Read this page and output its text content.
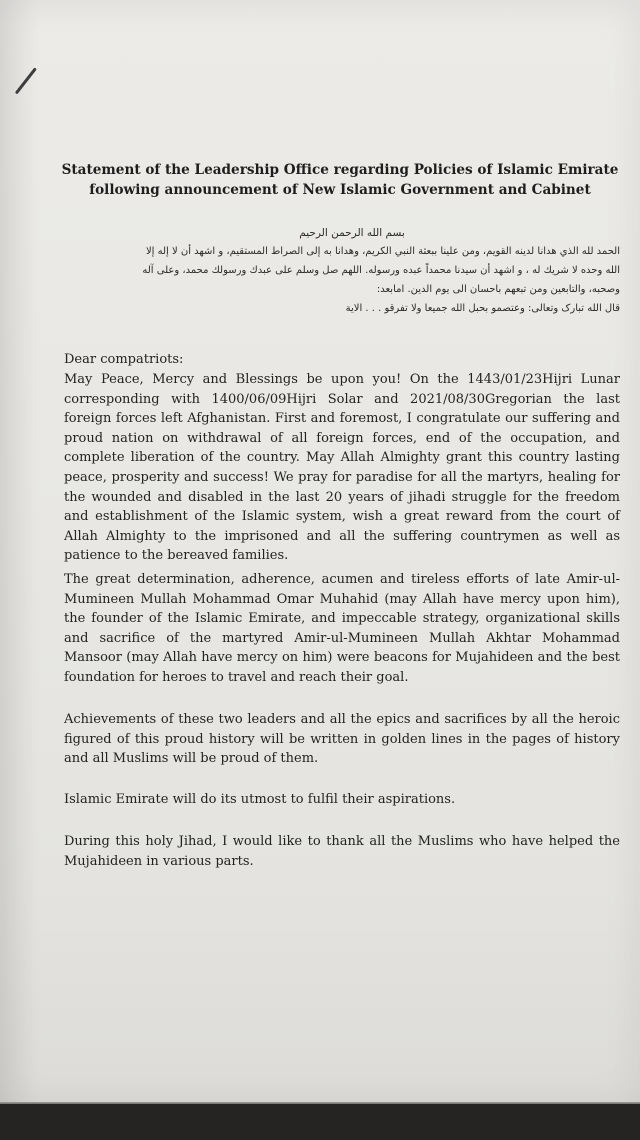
Statement of the Leadership Office regarding Policies of Islamic Emirate
following announcement of New Islamic Government and Cabinet
بسم الله الرحمن الرحيم
الحمد لله الذي هدانا لدينه القويم، ومن علينا ببعثة النبي الكريم، وهدانا به إلى الصراط المستقيم، و اشهد أن لا إله إلا
الله وحده لا شريك له ، و اشهد أن سيدنا محمداً عبده ورسوله. اللهم صل وسلم على عبدك ورسولك محمد، وعلى آله
وصحبه، والتابعين ومن تبعهم باحسان الى يوم الدين. امابعد:
قال الله تبارک وتعالی: وعتصمو بحبل الله جميعا ولا تفرقو . . . الاية
Dear compatriots:

May Peace, Mercy and Blessings be upon you! On the 1443/01/23Hijri Lunar corresponding with 1400/06/09Hijri Solar and 2021/08/30Gregorian the last foreign forces left Afghanistan. First and foremost, I congratulate our suffering and proud nation on withdrawal of all foreign forces, end of the occupation, and complete liberation of the country. May Allah Almighty grant this country lasting peace, prosperity and success! We pray for paradise for all the martyrs, healing for the wounded and disabled in the last 20 years of jihadi struggle for the freedom and establishment of the Islamic system, wish a great reward from the court of Allah Almighty to the imprisoned and all the suffering countrymen as well as patience to the bereaved families.

The great determination, adherence, acumen and tireless efforts of late Amir-ul-Mumineen Mullah Mohammad Omar Muhahid (may Allah have mercy upon him), the founder of the Islamic Emirate, and impeccable strategy, organizational skills and sacrifice of the martyred Amir-ul-Mumineen Mullah Akhtar Mohammad Mansoor (may Allah have mercy on him) were beacons for Mujahideen and the best foundation for heroes to travel and reach their goal.

Achievements of these two leaders and all the epics and sacrifices by all the heroic figured of this proud history will be written in golden lines in the pages of history and all Muslims will be proud of them.

Islamic Emirate will do its utmost to fulfil their aspirations.

During this holy Jihad, I would like to thank all the Muslims who have helped the Mujahideen in various parts.
